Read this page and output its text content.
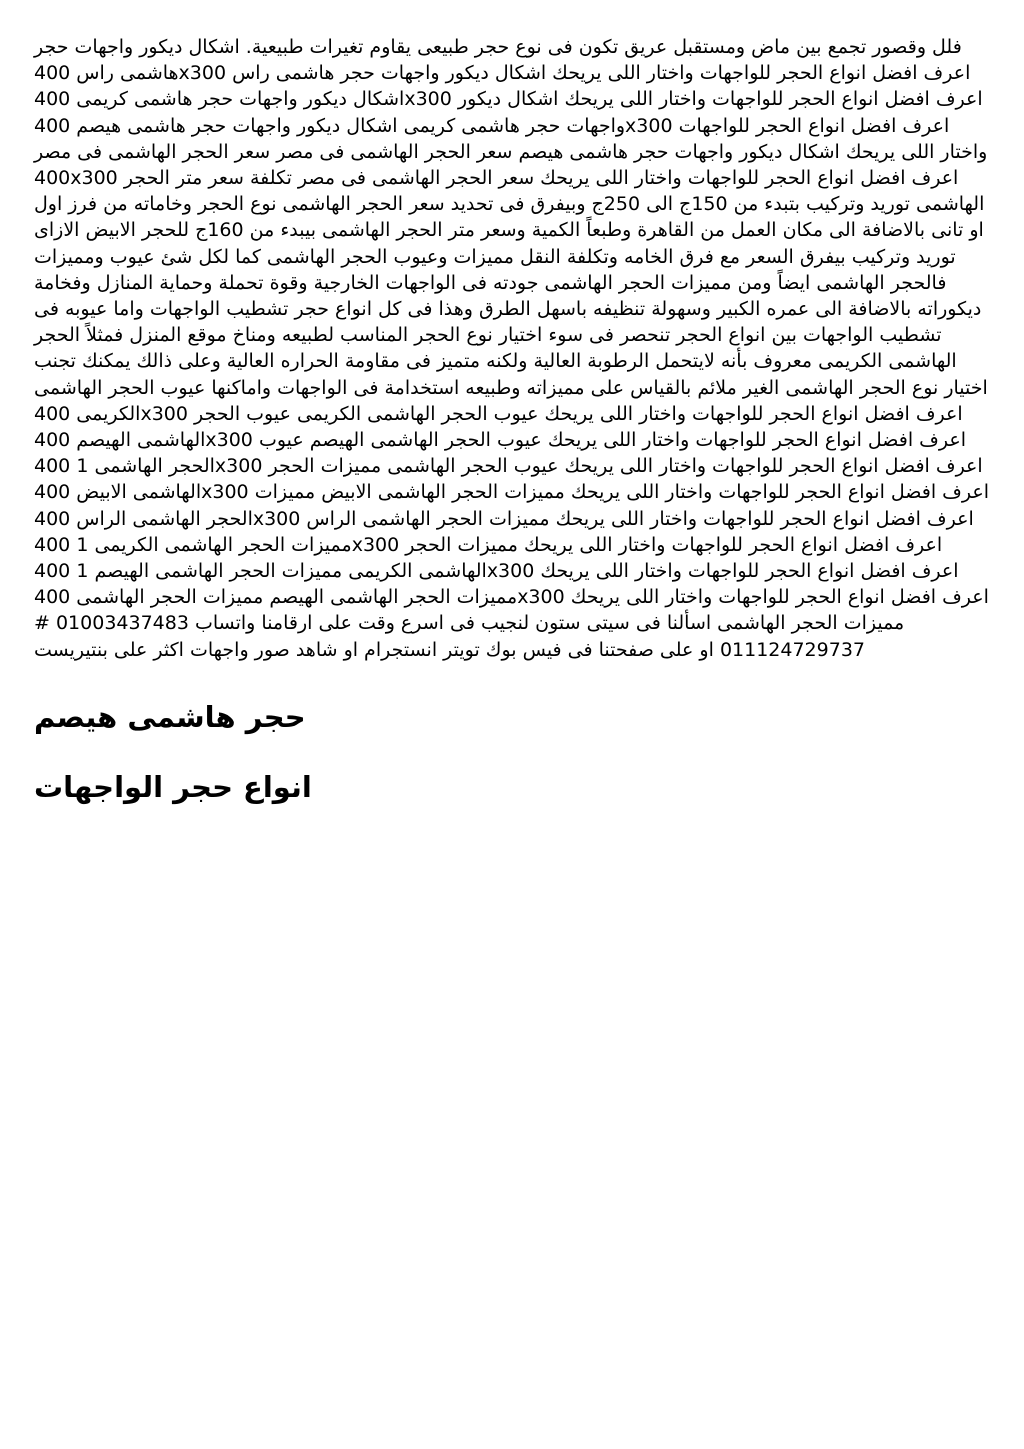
فلل وقصور تجمع بين ماض ومستقبل عريق تكون فى نوع حجر طبيعى يقاوم تغيرات طبيعية. اشكال ديكور واجهات حجر هاشمى راس 400x300 اعرف افضل انواع الحجر للواجهات واختار اللى يريحك اشكال ديكور واجهات حجر هاشمى راس اشكال ديكور واجهات حجر هاشمى كريمى 400x300 اعرف افضل انواع الحجر للواجهات واختار اللى يريحك اشكال ديكور واجهات حجر هاشمى كريمى اشكال ديكور واجهات حجر هاشمى هيصم 400x300 اعرف افضل انواع الحجر للواجهات واختار اللى يريحك اشكال ديكور واجهات حجر هاشمى هيصم سعر الحجر الهاشمى فى مصر سعر الحجر الهاشمى فى مصر 400x300 اعرف افضل انواع الحجر للواجهات واختار اللى يريحك سعر الحجر الهاشمى فى مصر تكلفة سعر متر الحجر الهاشمى توريد وتركيب بتبدء من 150ج الى 250ج وبيفرق فى تحديد سعر الحجر الهاشمى نوع الحجر وخاماته من فرز اول او تانى بالاضافة الى مكان العمل من القاهرة وطبعاً الكمية وسعر متر الحجر الهاشمى بيبدء من 160ج للحجر الابيض الازاى توريد وتركيب بيفرق السعر مع فرق الخامه وتكلفة النقل مميزات وعيوب الحجر الهاشمى كما لكل شئ عيوب ومميزات فالحجر الهاشمى ايضاً ومن مميزات الحجر الهاشمى جودته فى الواجهات الخارجية وقوة تحملة وحماية المنازل وفخامة ديكوراته بالاضافة الى عمره الكبير وسهولة تنظيفه باسهل الطرق وهذا فى كل انواع حجر تشطيب الواجهات واما عيوبه فى تشطيب الواجهات بين انواع الحجر تنحصر فى سوء اختيار نوع الحجر المناسب لطبيعه ومناخ موقع المنزل فمثلاً الحجر الهاشمى الكريمى معروف بأنه لايتحمل الرطوبة العالية ولكنه متميز فى مقاومة الحراره العالية وعلى ذالك يمكنك تجنب اختيار نوع الحجر الهاشمى الغير ملائم بالقياس على مميزاته وطبيعه استخدامة فى الواجهات واماكنها عيوب الحجر الهاشمى الكريمى 400x300 اعرف افضل انواع الحجر للواجهات واختار اللى يريحك عيوب الحجر الهاشمى الكريمى عيوب الحجر الهاشمى الهيصم 400x300 اعرف افضل انواع الحجر للواجهات واختار اللى يريحك عيوب الحجر الهاشمى الهيصم عيوب الحجر الهاشمى 1 400x300 اعرف افضل انواع الحجر للواجهات واختار اللى يريحك عيوب الحجر الهاشمى مميزات الحجر الهاشمى الابيض 400x300 اعرف افضل انواع الحجر للواجهات واختار اللى يريحك مميزات الحجر الهاشمى الابيض مميزات الحجر الهاشمى الراس 400x300 اعرف افضل انواع الحجر للواجهات واختار اللى يريحك مميزات الحجر الهاشمى الراس مميزات الحجر الهاشمى الكريمى 1 400x300 اعرف افضل انواع الحجر للواجهات واختار اللى يريحك مميزات الحجر الهاشمى الكريمى مميزات الحجر الهاشمى الهيصم 1 400x300 اعرف افضل انواع الحجر للواجهات واختار اللى يريحك مميزات الحجر الهاشمى الهيصم مميزات الحجر الهاشمى 400x300 اعرف افضل انواع الحجر للواجهات واختار اللى يريحك مميزات الحجر الهاشمى اسألنا فى سيتى ستون لنجيب فى اسرع وقت على ارقامنا واتساب 01003437483 # 011124729737 او على صفحتنا فى فيس بوك تويتر انستجرام او شاهد صور واجهات اكثر على بنتيريست

حجر هاشمى هيصم
انواع حجر الواجهات
